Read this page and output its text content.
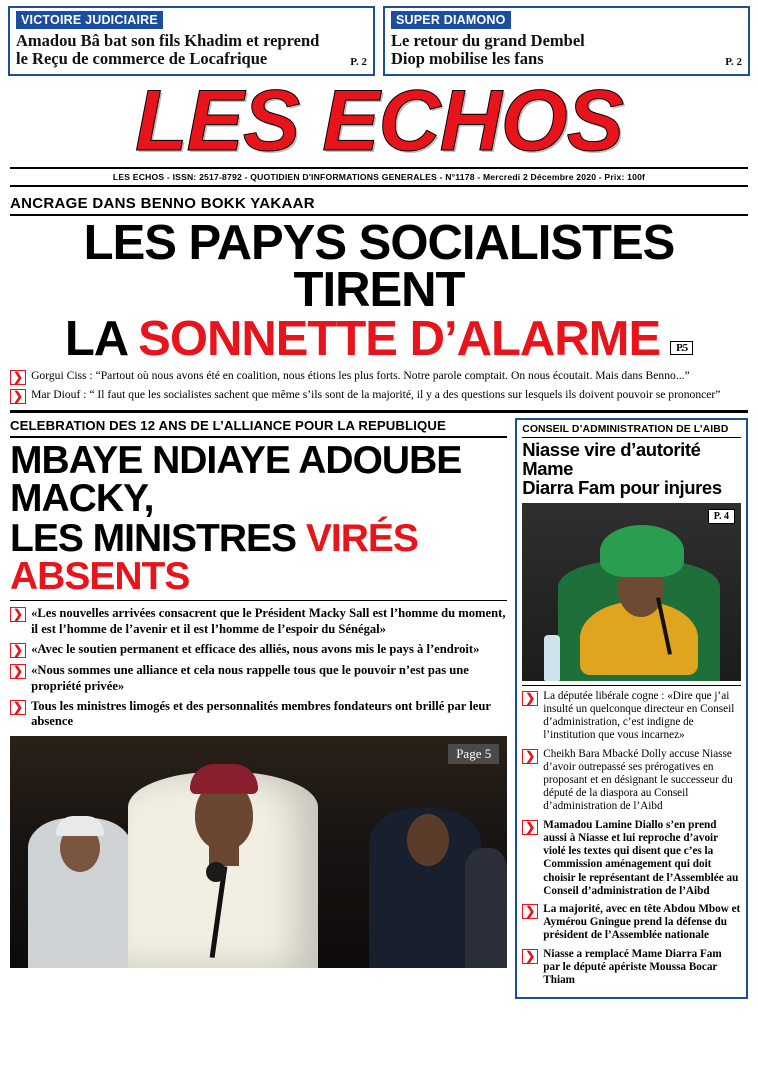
VICTOIRE JUDICIAIRE
Amadou Bâ bat son fils Khadim et reprend
le Reçu de commerce de Locafrique	P. 2
SUPER DIAMONO
Le retour du grand Dembel
Diop mobilise les fans	P. 2
LES ECHOS
LES ECHOS - ISSN: 2517-8792 - QUOTIDIEN D'INFORMATIONS GENERALES - N°1178 - Mercredi 2 Décembre 2020 - Prix: 100f
ANCRAGE DANS BENNO BOKK YAKAAR
LES PAPYS SOCIALISTES TIRENT
LA SONNETTE D’ALARME	P.5
❯ Gorgui Ciss : “Partout où nous avons été en coalition, nous étions les plus forts. Notre parole comptait. On nous écoutait. Mais dans Benno...”
❯ Mar Diouf : “ Il faut que les socialistes sachent que même s’ils sont de la majorité, il y a des questions sur lesquels ils doivent pouvoir se prononcer”
CELEBRATION DES 12 ANS DE L’ALLIANCE POUR LA REPUBLIQUE
MBAYE NDIAYE ADOUBE MACKY,
LES MINISTRES VIRÉS ABSENTS
❯ «Les nouvelles arrivées consacrent que le Président Macky Sall est l’homme du moment, il est l’homme de l’avenir et il est l’homme de l’espoir du Sénégal»
❯ «Avec le soutien permanent et efficace des alliés, nous avons mis le pays à l’endroit»
❯ «Nous sommes une alliance et cela nous rappelle tous que le pouvoir n’est pas une propriété privée»
❯ Tous les ministres limogés et des personnalités membres fondateurs ont brillé par leur absence
Page 5
CONSEIL D’ADMINISTRATION DE L’AIBD
Niasse vire d’autorité Mame
Diarra Fam pour injures
P. 4
❯ La députée libérale cogne : «Dire que j’ai insulté un quelconque directeur en Conseil d’administration, c’est indigne de l’institution que vous incarnez»
❯ Cheikh Bara Mbacké Dolly accuse Niasse d’avoir outrepassé ses prérogatives en proposant et en désignant le successeur du député de la diaspora au Conseil d’administration de l’Aibd
❯ Mamadou Lamine Diallo s’en prend aussi à Niasse et lui reproche d’avoir violé les textes qui disent que c’es la Commission aménagement qui doit choisir le représentant de l’Assemblée au Conseil d’administration de l’Aibd
❯ La majorité, avec en tête Abdou Mbow et Aymérou Gningue prend la défense du président de l’Assemblée nationale
❯ Niasse a remplacé Mame Diarra Fam par le député apériste Moussa Bocar Thiam
